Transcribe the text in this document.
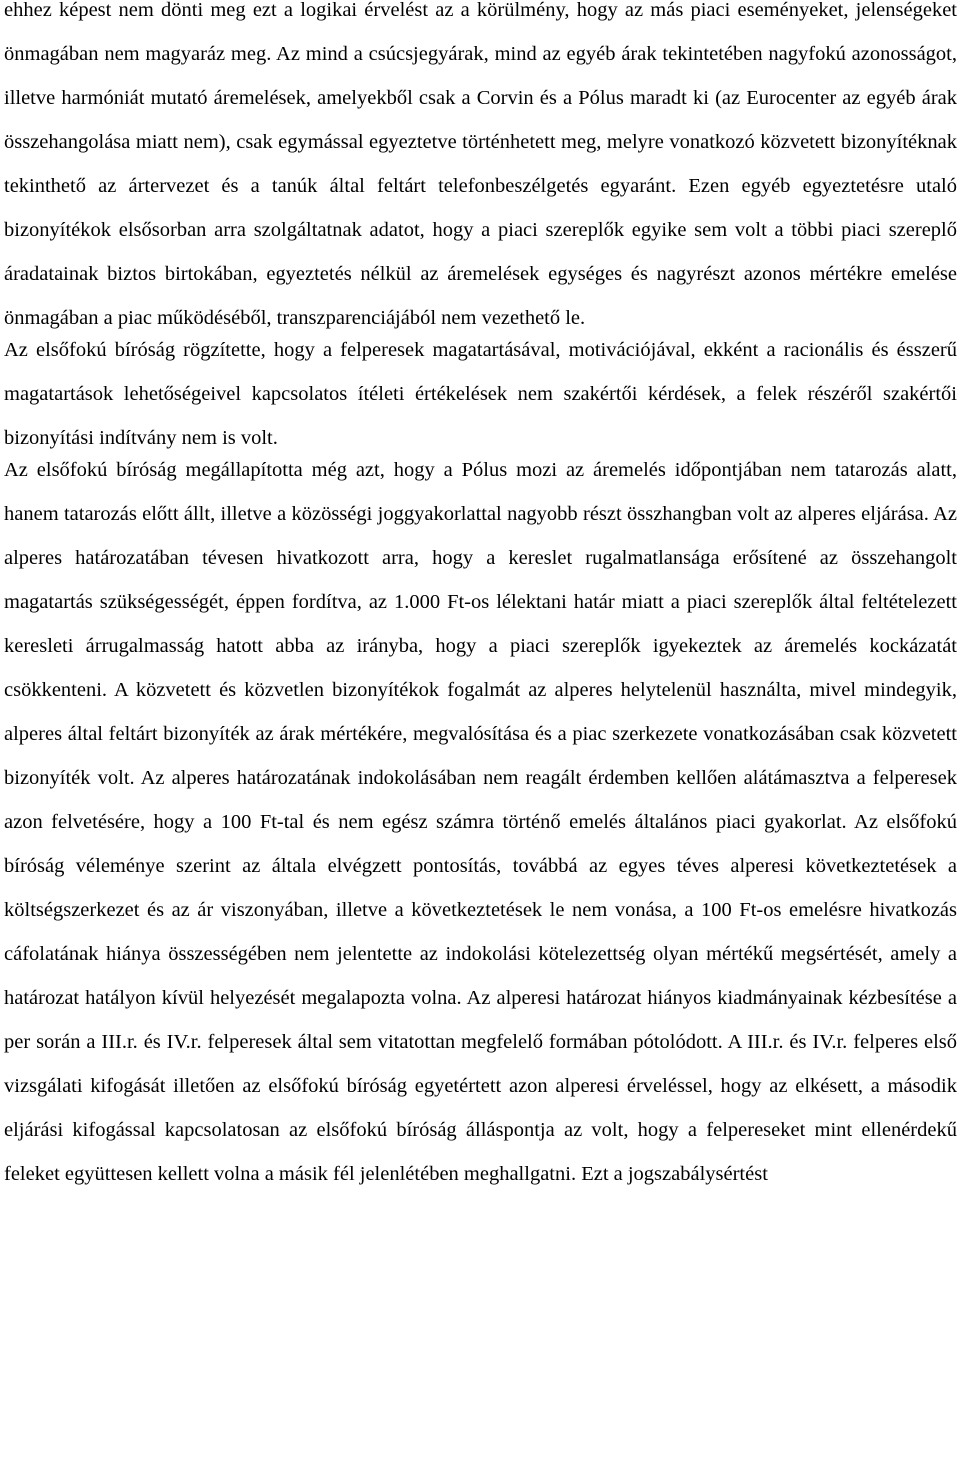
ehhez képest nem dönti meg ezt a logikai érvelést az a körülmény, hogy az más piaci eseményeket, jelenségeket önmagában nem magyaráz meg. Az mind a csúcsjegyárak, mind az egyéb árak tekintetében nagyfokú azonosságot, illetve harmóniát mutató áremelések, amelyekből csak a Corvin és a Pólus maradt ki (az Eurocenter az egyéb árak összehangolása miatt nem), csak egymással egyeztetve történhetett meg, melyre vonatkozó közvetett bizonyítéknak tekinthető az ártervezet és a tanúk által feltárt telefonbeszélgetés egyaránt. Ezen egyéb egyeztetésre utaló bizonyítékok elsősorban arra szolgáltatnak adatot, hogy a piaci szereplők egyike sem volt a többi piaci szereplő áradatainak biztos birtokában, egyeztetés nélkül az áremelések egységes és nagyrészt azonos mértékre emelése önmagában a piac működéséből, transzparenciájából nem vezethető le.

Az elsőfokú bíróság rögzítette, hogy a felperesek magatartásával, motivációjával, ekként a racionális és ésszerű magatartások lehetőségeivel kapcsolatos ítéleti értékelések nem szakértői kérdések, a felek részéről szakértői bizonyítási indítvány nem is volt.

Az elsőfokú bíróság megállapította még azt, hogy a Pólus mozi az áremelés időpontjában nem tatarozás alatt, hanem tatarozás előtt állt, illetve a közösségi joggyakorlattal nagyobb részt összhangban volt az alperes eljárása. Az alperes határozatában tévesen hivatkozott arra, hogy a kereslet rugalmatlansága erősítené az összehangolt magatartás szükségességét, éppen fordítva, az 1.000 Ft-os lélektani határ miatt a piaci szereplők által feltételezett keresleti árrugalmasság hatott abba az irányba, hogy a piaci szereplők igyekeztek az áremelés kockázatát csökkenteni. A közvetett és közvetlen bizonyítékok fogalmát az alperes helytelenül használta, mivel mindegyik, alperes által feltárt bizonyíték az árak mértékére, megvalósítása és a piac szerkezete vonatkozásában csak közvetett bizonyíték volt. Az alperes határozatának indokolásában nem reagált érdemben kellően alátámasztva a felperesek azon felvetésére, hogy a 100 Ft-tal és nem egész számra történő emelés általános piaci gyakorlat. Az elsőfokú bíróság véleménye szerint az általa elvégzett pontosítás, továbbá az egyes téves alperesi következtetések a költségszerkezet és az ár viszonyában, illetve a következtetések le nem vonása, a 100 Ft-os emelésre hivatkozás cáfolatának hiánya összességében nem jelentette az indokolási kötelezettség olyan mértékű megsértését, amely a határozat hatályon kívül helyezését megalapozta volna. Az alperesi határozat hiányos kiadmányainak kézbesítése a per során a III.r. és IV.r. felperesek által sem vitatottan megfelelő formában pótolódott. A III.r. és IV.r. felperes első vizsgálati kifogását illetően az elsőfokú bíróság egyetértett azon alperesi érveléssel, hogy az elkésett, a második eljárási kifogással kapcsolatosan az elsőfokú bíróság álláspontja az volt, hogy a felpereseket mint ellenérdekű feleket együttesen kellett volna a másik fél jelenlétében meghallgatni. Ezt a jogszabálysértést
